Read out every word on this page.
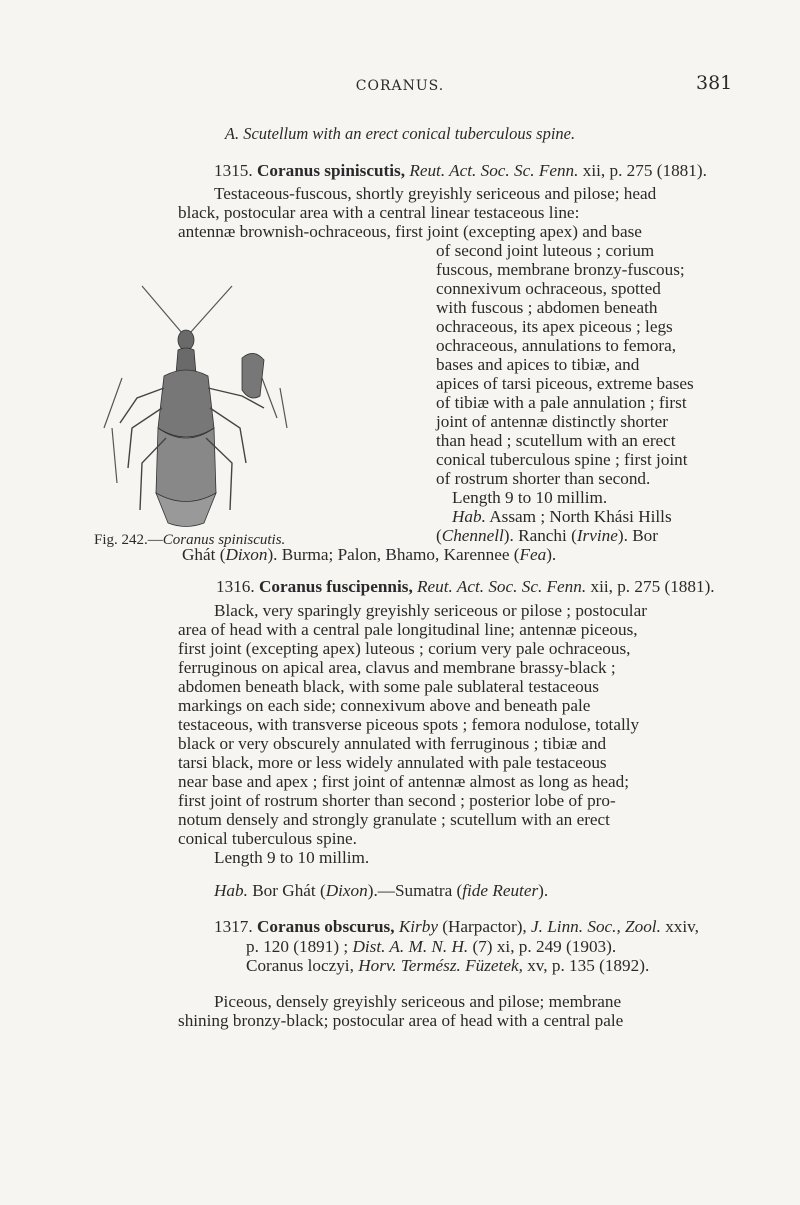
CORANUS.	381
A. Scutellum with an erect conical tuberculous spine.
1315. Coranus spiniscutis, Reut. Act. Soc. Sc. Fenn. xii, p. 275 (1881).
Testaceous-fuscous, shortly greyishly sericeous and pilose; head
black, postocular area with a central linear testaceous line:
antennæ brownish-ochraceous, first joint (excepting apex) and base
of second joint luteous ; corium
fuscous, membrane bronzy-fuscous;
connexivum ochraceous, spotted
with fuscous ; abdomen beneath
ochraceous, its apex piceous ; legs
ochraceous, annulations to femora,
bases and apices to tibiæ, and
apices of tarsi piceous, extreme bases
of tibiæ with a pale annulation ; first
joint of antennæ distinctly shorter
than head ; scutellum with an erect
conical tuberculous spine ; first joint
of rostrum shorter than second.
Length 9 to 10 millim.
Hab. Assam ; North Khási Hills
(Chennell). Ranchi (Irvine). Bor
Ghát (Dixon). Burma; Palon, Bhamo, Karennee (Fea).
Fig. 242.—Coranus spiniscutis.
1316. Coranus fuscipennis, Reut. Act. Soc. Sc. Fenn. xii, p. 275 (1881).
Black, very sparingly greyishly sericeous or pilose ; postocular
area of head with a central pale longitudinal line; antennæ piceous,
first joint (excepting apex) luteous ; corium very pale ochraceous,
ferruginous on apical area, clavus and membrane brassy-black ;
abdomen beneath black, with some pale sublateral testaceous
markings on each side; connexivum above and beneath pale
testaceous, with transverse piceous spots ; femora nodulose, totally
black or very obscurely annulated with ferruginous ; tibiæ and
tarsi black, more or less widely annulated with pale testaceous
near base and apex ; first joint of antennæ almost as long as head;
first joint of rostrum shorter than second ; posterior lobe of pro-
notum densely and strongly granulate ; scutellum with an erect
conical tuberculous spine.
Length 9 to 10 millim.
Hab. Bor Ghát (Dixon).—Sumatra (fide Reuter).
1317. Coranus obscurus, Kirby (Harpactor), J. Linn. Soc., Zool. xxiv,
p. 120 (1891) ; Dist. A. M. N. H. (7) xi, p. 249 (1903).
Coranus loczyi, Horv. Termész. Füzetek, xv, p. 135 (1892).
Piceous, densely greyishly sericeous and pilose; membrane
shining bronzy-black; postocular area of head with a central pale
